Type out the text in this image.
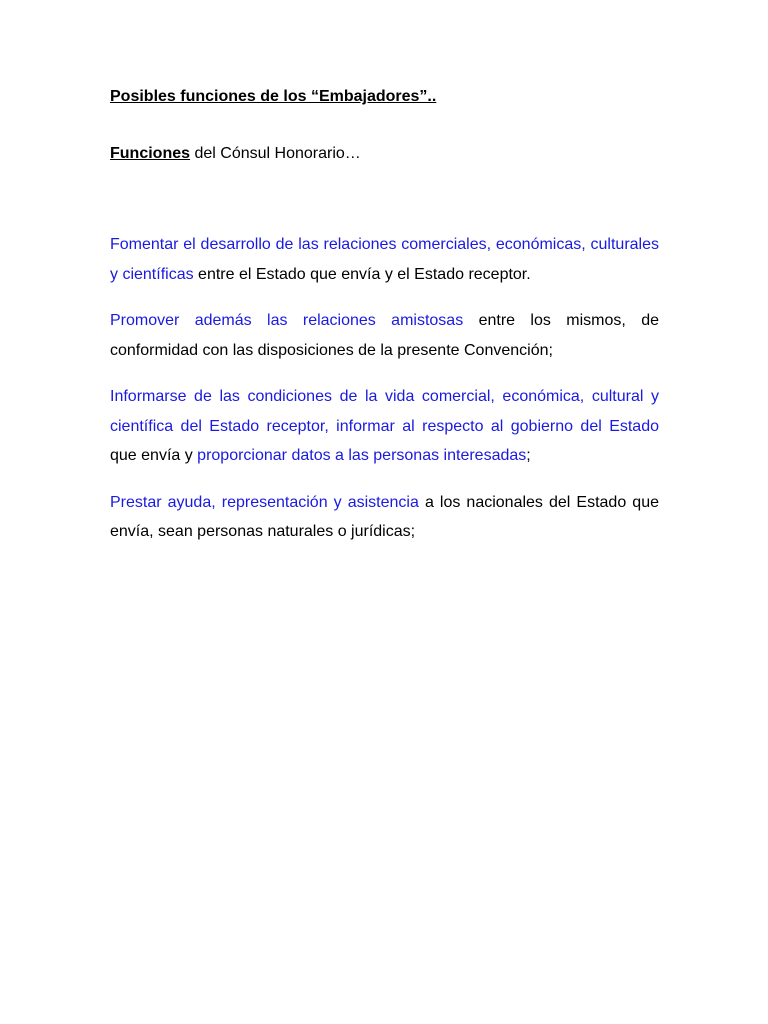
Posibles funciones de los “Embajadores”..

Funciones del Cónsul Honorario…

Fomentar el desarrollo de las relaciones comerciales, económicas, culturales y científicas entre el Estado que envía y el Estado receptor.

Promover además las relaciones amistosas entre los mismos, de conformidad con las disposiciones de la presente Convención;

Informarse de las condiciones de la vida comercial, económica, cultural y científica del Estado receptor, informar al respecto al gobierno del Estado que envía y proporcionar datos a las personas interesadas;

Prestar ayuda, representación y asistencia a los nacionales del Estado que envía, sean personas naturales o jurídicas;
